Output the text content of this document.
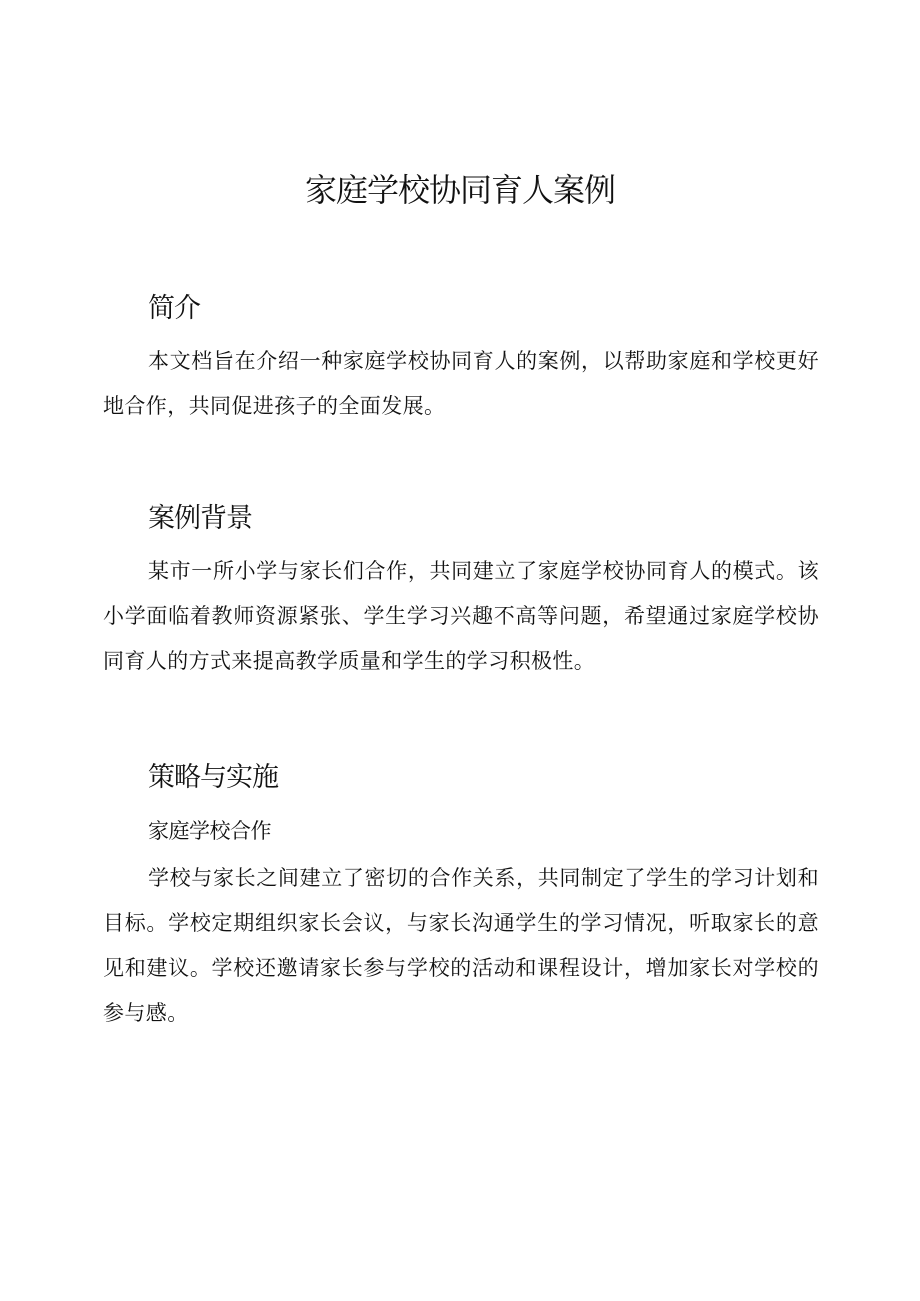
家庭学校协同育人案例
简介

本文档旨在介绍一种家庭学校协同育人的案例，以帮助家庭和学校更好地合作，共同促进孩子的全面发展。

案例背景

某市一所小学与家长们合作，共同建立了家庭学校协同育人的模式。该小学面临着教师资源紧张、学生学习兴趣不高等问题，希望通过家庭学校协同育人的方式来提高教学质量和学生的学习积极性。

策略与实施
家庭学校合作

学校与家长之间建立了密切的合作关系，共同制定了学生的学习计划和目标。学校定期组织家长会议，与家长沟通学生的学习情况，听取家长的意见和建议。学校还邀请家长参与学校的活动和课程设计，增加家长对学校的参与感。
